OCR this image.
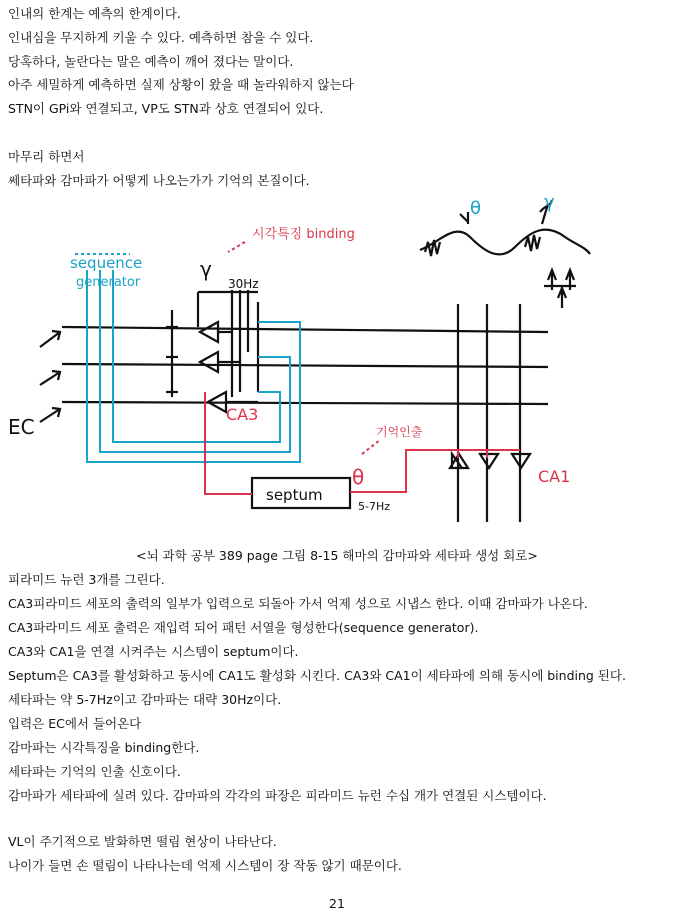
인내의 한계는 예측의 한계이다.
인내심을 무지하게 키울 수 있다. 예측하면 참을 수 있다.
당혹하다, 놀란다는 말은 예측이 깨어 졌다는 말이다.
아주 세밀하게 예측하면 실제 상황이 왔을 때 놀라워하지 않는다
STN이 GPi와 연결되고, VP도 STN과 상호 연결되어 있다.
마무리 하면서
쎄타파와 감마파가 어떻게 나오는가가 기억의 본질이다.
sequence
generator
시각특징 binding
γ
30Hz
CA3
EC
septum
θ
5-7Hz
기억인출
CA1
θ	γ
<뇌 과학 공부 389 page 그림 8-15 해마의 감마파와 세타파 생성 회로>
피라미드 뉴런 3개를 그린다.
CA3피라미드 세포의 출력의 일부가 입력으로 되돌아 가서 억제 성으로 시냅스 한다. 이때 감마파가 나온다.
CA3파라미드 세포 출력은 재입력 되어 패턴 서열을 형성한다(sequence generator).
CA3와 CA1을 연결 시켜주는 시스템이 septum이다.
Septum은 CA3를 활성화하고 동시에 CA1도 활성화 시킨다. CA3와 CA1이 세타파에 의해 동시에 binding 된다.
세타파는 약 5-7Hz이고 감마파는 대략 30Hz이다.
입력은 EC에서 들어온다
감마파는 시각특징을 binding한다.
세타파는 기억의 인출 신호이다.
감마파가 세타파에 실려 있다. 감마파의 각각의 파장은 피라미드 뉴런 수십 개가 연결된 시스템이다.
VL이 주기적으로 발화하면 떨림 현상이 나타난다.
나이가 들면 손 떨림이 나타나는데 억제 시스템이 장 작동 않기 때문이다.
21
